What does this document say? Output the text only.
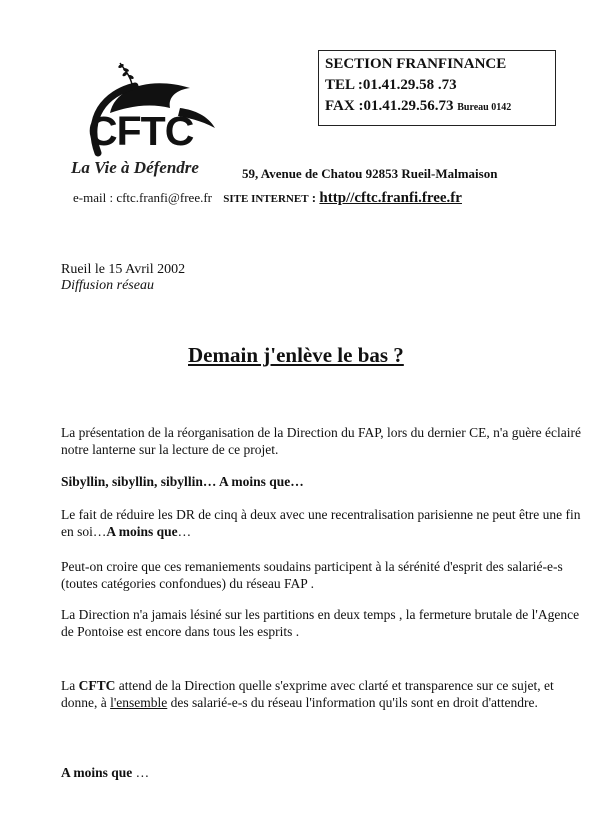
CFTC
La Vie à Défendre
SECTION FRANFINANCE
TEL :01.41.29.58 .73
FAX :01.41.29.56.73 Bureau 0142
59, Avenue de Chatou 92853 Rueil-Malmaison
e-mail : cftc.franfi@free.fr SITE INTERNET : http//cftc.franfi.free.fr
Rueil le 15 Avril 2002
Diffusion réseau
Demain j'enlève le bas ?

La présentation de la réorganisation de la Direction du FAP, lors du dernier CE, n'a guère éclairé notre lanterne sur la lecture de ce projet.

Sibyllin, sibyllin, sibyllin… A moins que…

Le fait de réduire les DR de cinq à deux avec une recentralisation parisienne ne peut être une fin en soi…A moins que…

Peut-on croire que ces remaniements soudains participent à la sérénité d'esprit des salarié-e-s (toutes catégories confondues) du réseau FAP .

La Direction n'a jamais lésiné sur les partitions en deux temps , la fermeture brutale de l'Agence de Pontoise est encore dans tous les esprits .

La CFTC attend de la Direction quelle s'exprime avec clarté et transparence sur ce sujet, et donne, à l'ensemble des salarié-e-s du réseau l'information qu'ils sont en droit d'attendre.

A moins que …
